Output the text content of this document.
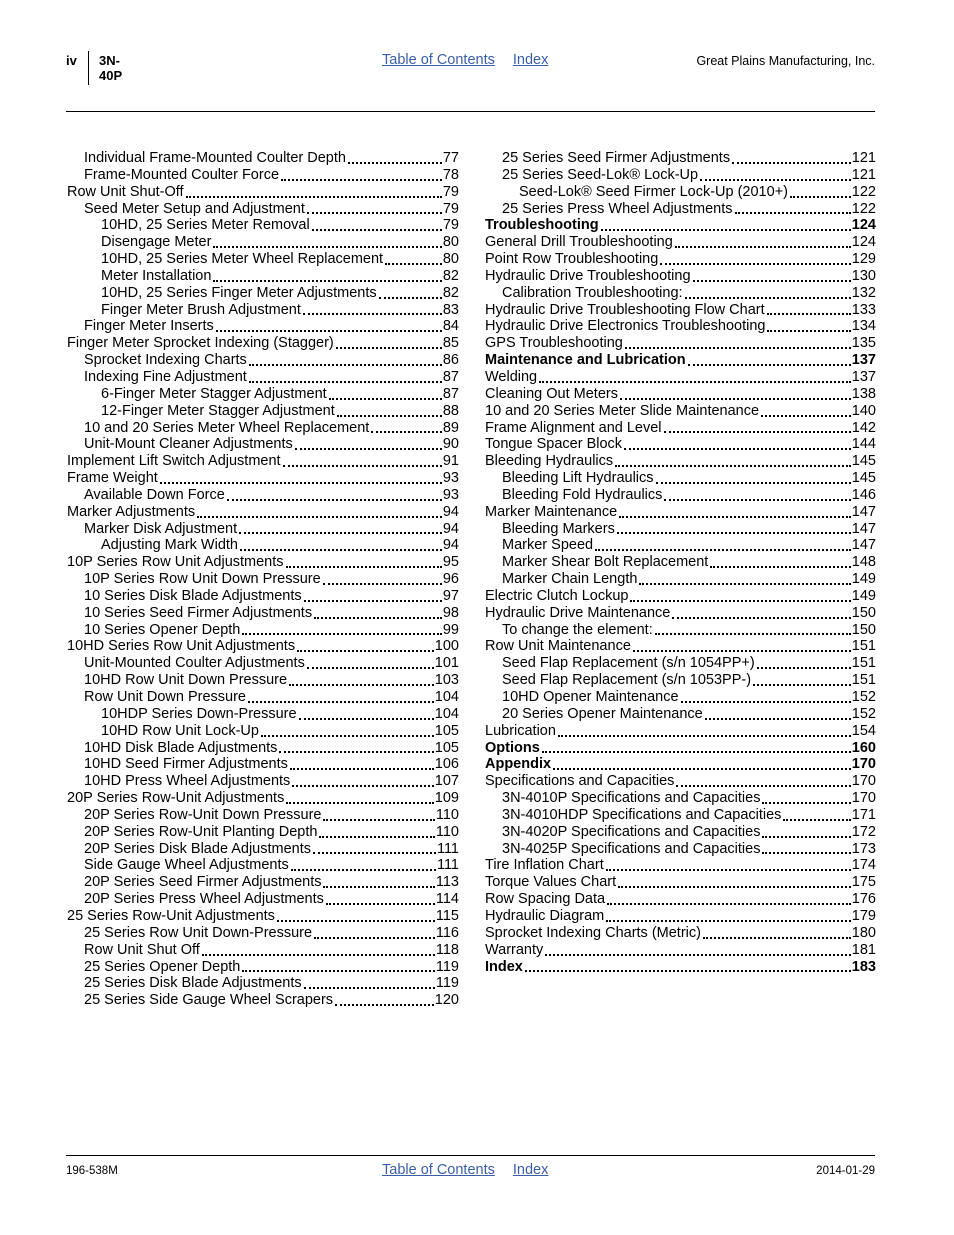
iv 3N-40P
Table of Contents Index	Great Plains Manufacturing, Inc.
Individual Frame-Mounted Coulter Depth	77
Frame-Mounted Coulter Force	78
Row Unit Shut-Off	79
Seed Meter Setup and Adjustment	79
10HD, 25 Series Meter Removal	79
Disengage Meter	80
10HD, 25 Series Meter Wheel Replacement	80
Meter Installation	82
10HD, 25 Series Finger Meter Adjustments	82
Finger Meter Brush Adjustment	83
Finger Meter Inserts	84
Finger Meter Sprocket Indexing (Stagger)	85
Sprocket Indexing Charts	86
Indexing Fine Adjustment	87
6-Finger Meter Stagger Adjustment	87
12-Finger Meter Stagger Adjustment	88
10 and 20 Series Meter Wheel Replacement	89
Unit-Mount Cleaner Adjustments	90
Implement Lift Switch Adjustment	91
Frame Weight	93
Available Down Force	93
Marker Adjustments	94
Marker Disk Adjustment	94
Adjusting Mark Width	94
10P Series Row Unit Adjustments	95
10P Series Row Unit Down Pressure	96
10 Series Disk Blade Adjustments	97
10 Series Seed Firmer Adjustments	98
10 Series Opener Depth	99
10HD Series Row Unit Adjustments	100
Unit-Mounted Coulter Adjustments	101
10HD Row Unit Down Pressure	103
Row Unit Down Pressure	104
10HDP Series Down-Pressure	104
10HD Row Unit Lock-Up	105
10HD Disk Blade Adjustments	105
10HD Seed Firmer Adjustments	106
10HD Press Wheel Adjustments	107
20P Series Row-Unit Adjustments	109
20P Series Row-Unit Down Pressure	110
20P Series Row-Unit Planting Depth	110
20P Series Disk Blade Adjustments	111
Side Gauge Wheel Adjustments	111
20P Series Seed Firmer Adjustments	113
20P Series Press Wheel Adjustments	114
25 Series Row-Unit Adjustments	115
25 Series Row Unit Down-Pressure	116
Row Unit Shut Off	118
25 Series Opener Depth	119
25 Series Disk Blade Adjustments	119
25 Series Side Gauge Wheel Scrapers	120
25 Series Seed Firmer Adjustments	121
25 Series Seed-Lok® Lock-Up	121
Seed-Lok® Seed Firmer Lock-Up (2010+)	122
25 Series Press Wheel Adjustments	122
Troubleshooting	124
General Drill Troubleshooting	124
Point Row Troubleshooting	129
Hydraulic Drive Troubleshooting	130
Calibration Troubleshooting:	132
Hydraulic Drive Troubleshooting Flow Chart	133
Hydraulic Drive Electronics Troubleshooting	134
GPS Troubleshooting	135
Maintenance and Lubrication	137
Welding	137
Cleaning Out Meters	138
10 and 20 Series Meter Slide Maintenance	140
Frame Alignment and Level	142
Tongue Spacer Block	144
Bleeding Hydraulics	145
Bleeding Lift Hydraulics	145
Bleeding Fold Hydraulics	146
Marker Maintenance	147
Bleeding Markers	147
Marker Speed	147
Marker Shear Bolt Replacement	148
Marker Chain Length	149
Electric Clutch Lockup	149
Hydraulic Drive Maintenance	150
To change the element:	150
Row Unit Maintenance	151
Seed Flap Replacement (s/n 1054PP+)	151
Seed Flap Replacement (s/n 1053PP-)	151
10HD Opener Maintenance	152
20 Series Opener Maintenance	152
Lubrication	154
Options	160
Appendix	170
Specifications and Capacities	170
3N-4010P Specifications and Capacities	170
3N-4010HDP Specifications and Capacities	171
3N-4020P Specifications and Capacities	172
3N-4025P Specifications and Capacities	173
Tire Inflation Chart	174
Torque Values Chart	175
Row Spacing Data	176
Hydraulic Diagram	179
Sprocket Indexing Charts (Metric)	180
Warranty	181
Index	183
196-538M	Table of Contents Index	2014-01-29
